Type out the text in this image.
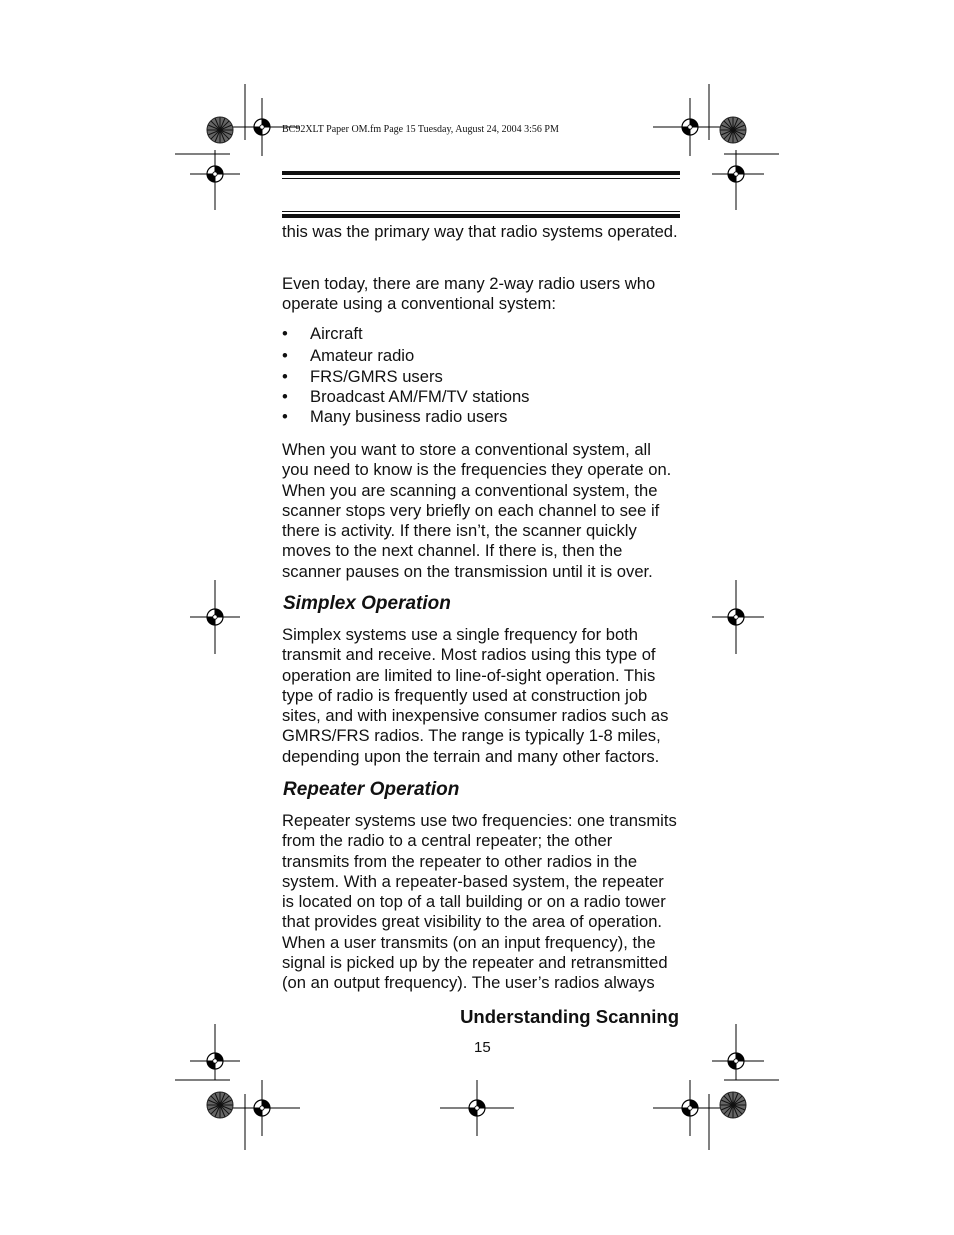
BC92XLT Paper OM.fm Page 15 Tuesday, August 24, 2004 3:56 PM

this was the primary way that radio systems operated.

Even today, there are many 2-way radio users who operate using a conventional system:

• Aircraft
• Amateur radio
• FRS/GMRS users
• Broadcast AM/FM/TV stations
• Many business radio users

When you want to store a conventional system, all you need to know is the frequencies they operate on. When you are scanning a conventional system, the scanner stops very briefly on each channel to see if there is activity. If there isn’t, the scanner quickly moves to the next channel. If there is, then the scanner pauses on the transmission until it is over.

Simplex Operation

Simplex systems use a single frequency for both transmit and receive. Most radios using this type of operation are limited to line-of-sight operation. This type of radio is frequently used at construction job sites, and with inexpensive consumer radios such as GMRS/FRS radios. The range is typically 1-8 miles, depending upon the terrain and many other factors.

Repeater Operation

Repeater systems use two frequencies: one transmits from the radio to a central repeater; the other transmits from the repeater to other radios in the system. With a repeater-based system, the repeater is located on top of a tall building or on a radio tower that provides great visibility to the area of operation. When a user transmits (on an input frequency), the signal is picked up by the repeater and retransmitted (on an output frequency). The user’s radios always

Understanding Scanning
15
